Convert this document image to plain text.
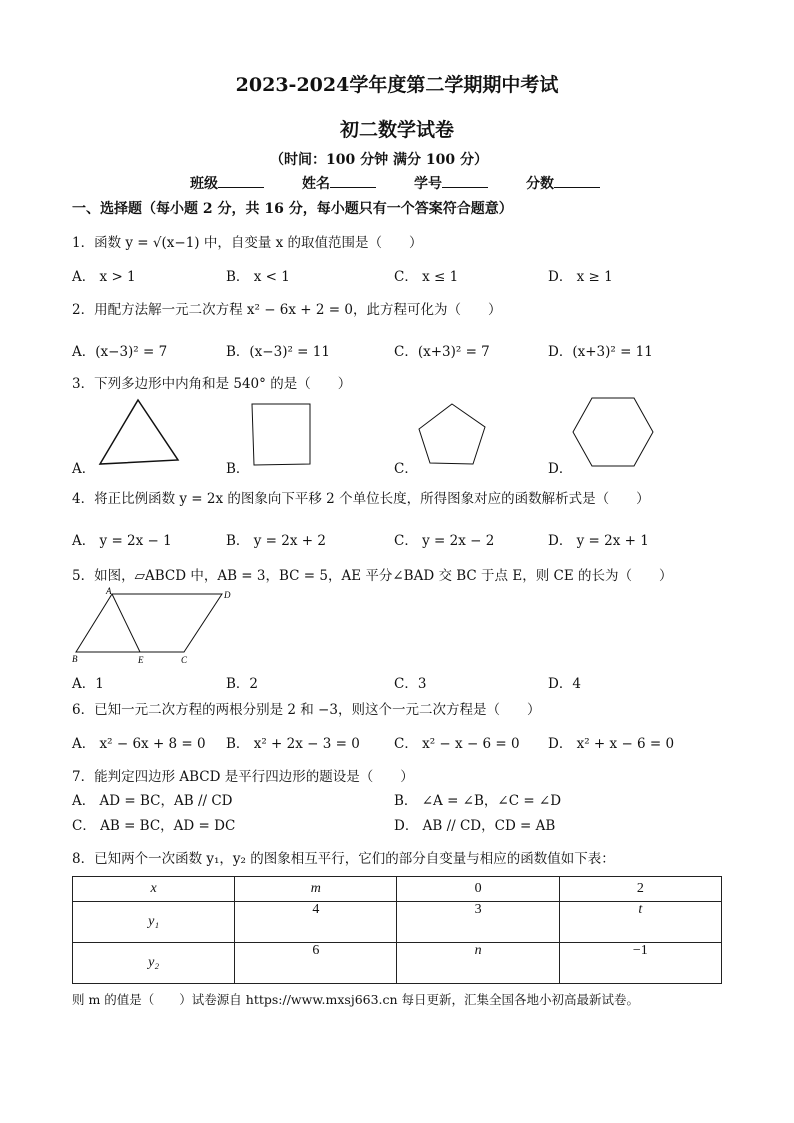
2023-2024学年度第二学期期中考试
初二数学试卷
（时间：100 分钟 满分 100 分）
班级	姓名	学号	分数
一、选择题（每小题 2 分，共 16 分，每小题只有一个答案符合题意）
1．函数 y = √(x−1) 中，自变量 x 的取值范围是（　　）
A． x > 1	B． x < 1	C． x ≤ 1	D． x ≥ 1
2．用配方法解一元二次方程 x² − 6x + 2 = 0，此方程可化为（　　）
A．(x−3)² = 7	B．(x−3)² = 11	C．(x+3)² = 7	D．(x+3)² = 11
3．下列多边形中内角和是 540° 的是（　　）
A．	B．	C．	D．
4．将正比例函数 y = 2x 的图象向下平移 2 个单位长度，所得图象对应的函数解析式是（　　）
A． y = 2x − 1	B． y = 2x + 2	C． y = 2x − 2	D． y = 2x + 1
5．如图，▱ABCD 中，AB = 3，BC = 5，AE 平分∠BAD 交 BC 于点 E，则 CE 的长为（　　）
A	D
B	E	C
A．1	B．2	C．3	D．4
6．已知一元二次方程的两根分别是 2 和 −3，则这个一元二次方程是（　　）
A． x² − 6x + 8 = 0 B． x² + 2x − 3 = 0	C． x² − x − 6 = 0 D． x² + x − 6 = 0
7．能判定四边形 ABCD 是平行四边形的题设是（　　）
A． AD = BC，AB // CD	B． ∠A = ∠B，∠C = ∠D
C． AB = BC，AD = DC	D． AB // CD，CD = AB
8．已知两个一次函数 y₁，y₂ 的图象相互平行，它们的部分自变量与相应的函数值如下表：
x	m	0	2
y₁	4	3	t
y₂	6	n	−1
则 m 的值是（　　）试卷源自 https://www.mxsj663.cn 每日更新，汇集全国各地小初高最新试卷。
